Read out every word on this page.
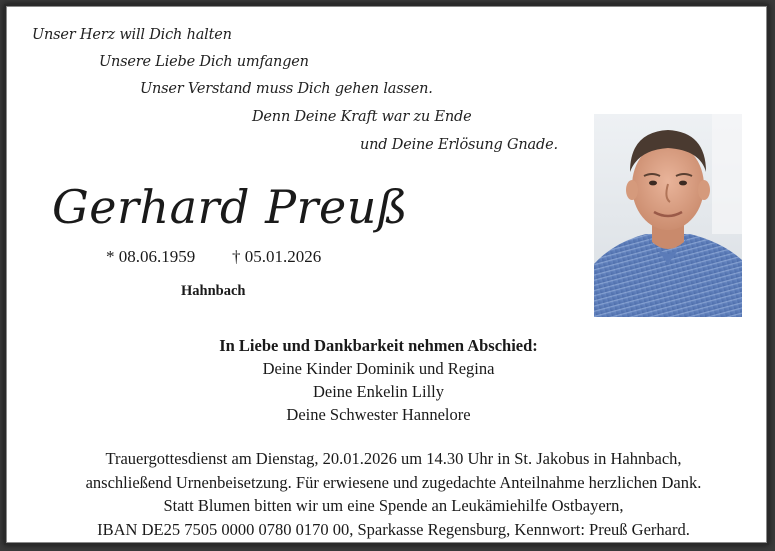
Unser Herz will Dich halten
Unsere Liebe Dich umfangen
Unser Verstand muss Dich gehen lassen.
Denn Deine Kraft war zu Ende
und Deine Erlösung Gnade.
Gerhard Preuß
* 08.06.1959 † 05.01.2026
Hahnbach
In Liebe und Dankbarkeit nehmen Abschied:
Deine Kinder Dominik und Regina
Deine Enkelin Lilly
Deine Schwester Hannelore
Trauergottesdienst am Dienstag, 20.01.2026 um 14.30 Uhr in St. Jakobus in Hahnbach,
anschließend Urnenbeisetzung. Für erwiesene und zugedachte Anteilnahme herzlichen Dank.
Statt Blumen bitten wir um eine Spende an Leukämiehilfe Ostbayern,
IBAN DE25 7505 0000 0780 0170 00, Sparkasse Regensburg, Kennwort: Preuß Gerhard.
